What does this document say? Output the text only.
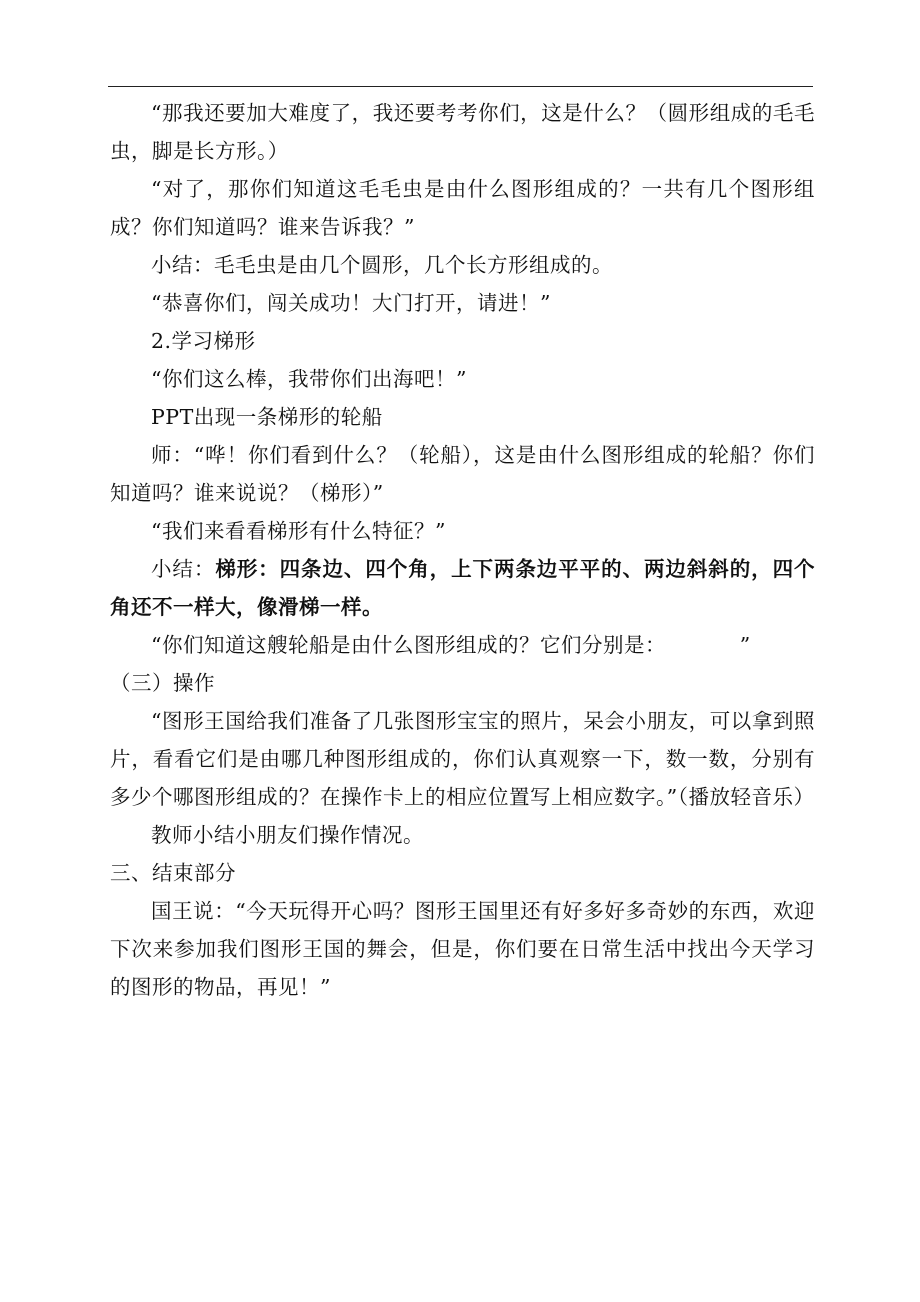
“那我还要加大难度了，我还要考考你们，这是什么？（圆形组成的毛毛虫，脚是长方形。）

“对了，那你们知道这毛毛虫是由什么图形组成的？一共有几个图形组成？你们知道吗？谁来告诉我？”

小结：毛毛虫是由几个圆形，几个长方形组成的。

“恭喜你们，闯关成功！大门打开，请进！”

2.学习梯形

“你们这么棒，我带你们出海吧！”

PPT出现一条梯形的轮船

师：“哗！你们看到什么？（轮船），这是由什么图形组成的轮船？你们知道吗？谁来说说？（梯形）”

“我们来看看梯形有什么特征？”

小结：梯形：四条边、四个角，上下两条边平平的、两边斜斜的，四个角还不一样大，像滑梯一样。

“你们知道这艘轮船是由什么图形组成的？它们分别是：　　　　”

（三）操作

“图形王国给我们准备了几张图形宝宝的照片，呆会小朋友，可以拿到照片，看看它们是由哪几种图形组成的，你们认真观察一下，数一数，分别有多少个哪图形组成的？在操作卡上的相应位置写上相应数字。”（播放轻音乐）

教师小结小朋友们操作情况。

三、结束部分

国王说：“今天玩得开心吗？图形王国里还有好多好多奇妙的东西，欢迎下次来参加我们图形王国的舞会，但是，你们要在日常生活中找出今天学习的图形的物品，再见！”
